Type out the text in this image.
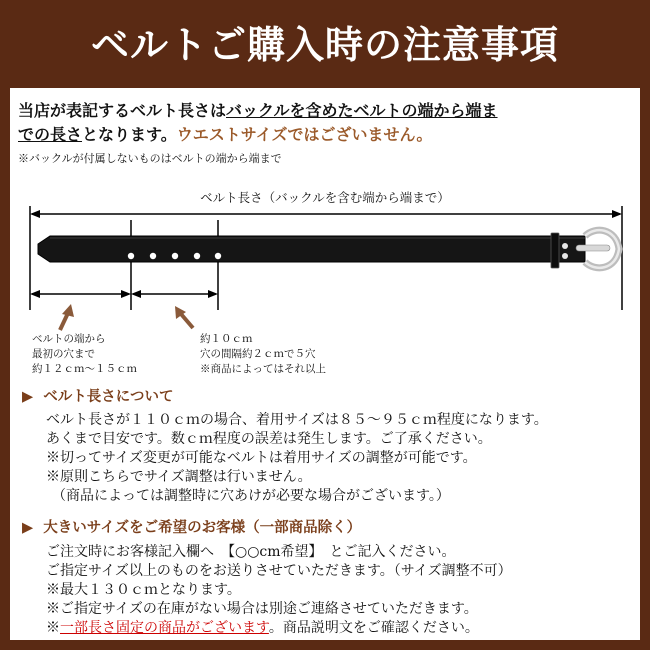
ベルトご購入時の注意事項
当店が表記するベルト長さはバックルを含めたベルトの端から端ま
での長さとなります。ウエストサイズではございません。
※バックルが付属しないものはベルトの端から端まで
ベルト長さ（バックルを含む端から端まで）
ベルトの端から
最初の穴まで
約１２ｃｍ～１５ｃｍ
約１０ｃｍ
穴の間隔約２ｃｍで５穴
※商品によってはそれ以上
▶ ベルト長さについて
ベルト長さが１１０ｃｍの場合、着用サイズは８５～９５ｃｍ程度になります。
あくまで目安です。数ｃｍ程度の誤差は発生します。ご了承ください。
※切ってサイズ変更が可能なベルトは着用サイズの調整が可能です。
※原則こちらでサイズ調整は行いません。
（商品によっては調整時に穴あけが必要な場合がございます。）
▶ 大きいサイズをご希望のお客様（一部商品除く）
ご注文時にお客様記入欄へ　【○○cm希望】　とご記入ください。
ご指定サイズ以上のものをお送りさせていただきます。（サイズ調整不可）
※最大１３０ｃｍとなります。
※ご指定サイズの在庫がない場合は別途ご連絡させていただきます。
※一部長さ固定の商品がございます。商品説明文をご確認ください。
